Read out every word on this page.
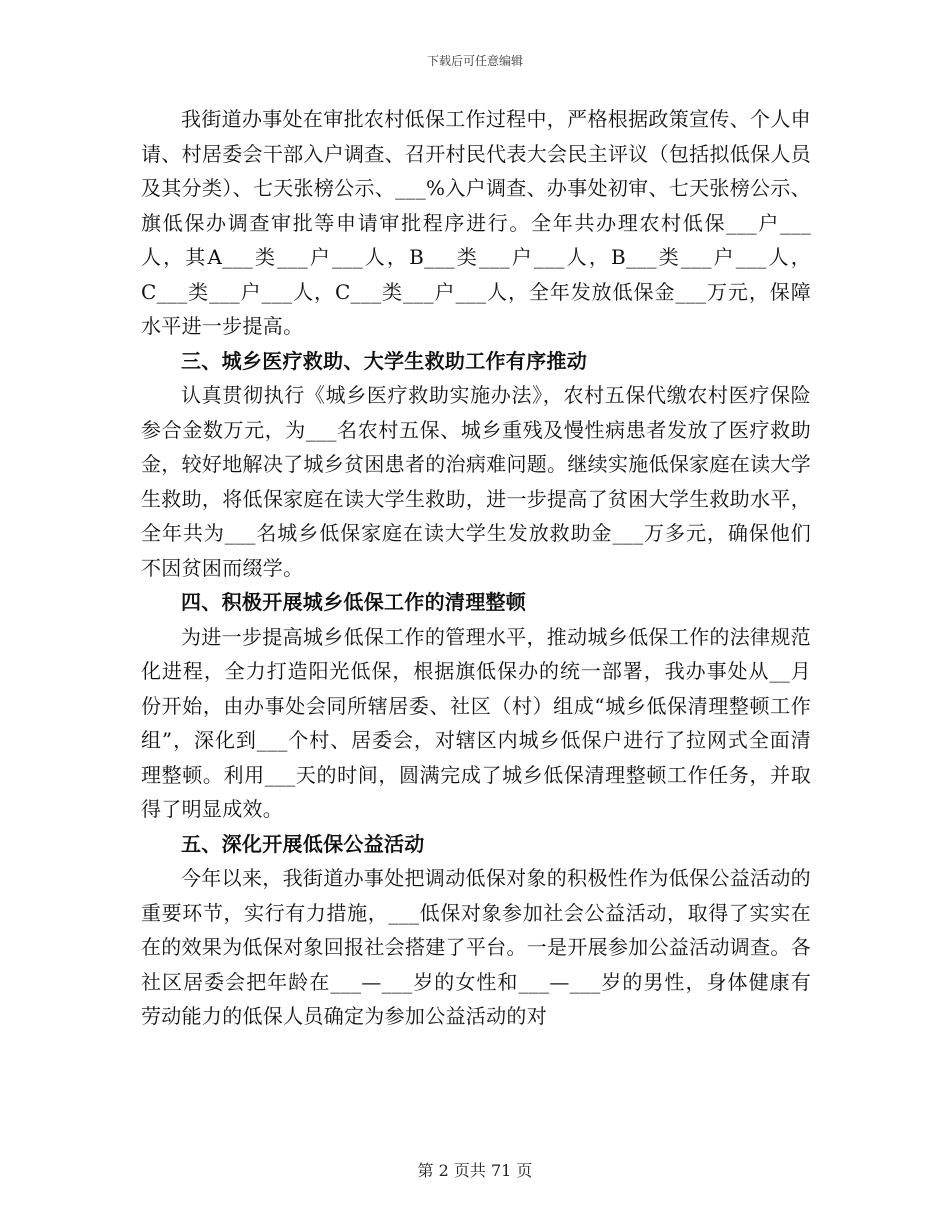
下载后可任意编辑

我街道办事处在审批农村低保工作过程中，严格根据政策宣传、个人申请、村居委会干部入户调查、召开村民代表大会民主评议（包括拟低保人员及其分类）、七天张榜公示、___%入户调查、办事处初审、七天张榜公示、旗低保办调查审批等申请审批程序进行。全年共办理农村低保___户___人，其A___类___户___人，B___类___户___人，B___类___户___人，C___类___户___人，C___类___户___人，全年发放低保金___万元，保障水平进一步提高。

三、城乡医疗救助、大学生救助工作有序推动

认真贯彻执行《城乡医疗救助实施办法》，农村五保代缴农村医疗保险参合金数万元，为___名农村五保、城乡重残及慢性病患者发放了医疗救助金，较好地解决了城乡贫困患者的治病难问题。继续实施低保家庭在读大学生救助，将低保家庭在读大学生救助，进一步提高了贫困大学生救助水平，全年共为___名城乡低保家庭在读大学生发放救助金___万多元，确保他们不因贫困而缀学。

四、积极开展城乡低保工作的清理整顿

为进一步提高城乡低保工作的管理水平，推动城乡低保工作的法律规范化进程，全力打造阳光低保，根据旗低保办的统一部署，我办事处从__月份开始，由办事处会同所辖居委、社区（村）组成“城乡低保清理整顿工作组”，深化到___个村、居委会，对辖区内城乡低保户进行了拉网式全面清理整顿。利用___天的时间，圆满完成了城乡低保清理整顿工作任务，并取得了明显成效。

五、深化开展低保公益活动

今年以来，我街道办事处把调动低保对象的积极性作为低保公益活动的重要环节，实行有力措施，___低保对象参加社会公益活动，取得了实实在在的效果为低保对象回报社会搭建了平台。一是开展参加公益活动调查。各社区居委会把年龄在___—___岁的女性和___—___岁的男性，身体健康有劳动能力的低保人员确定为参加公益活动的对

第 2 页共 71 页
